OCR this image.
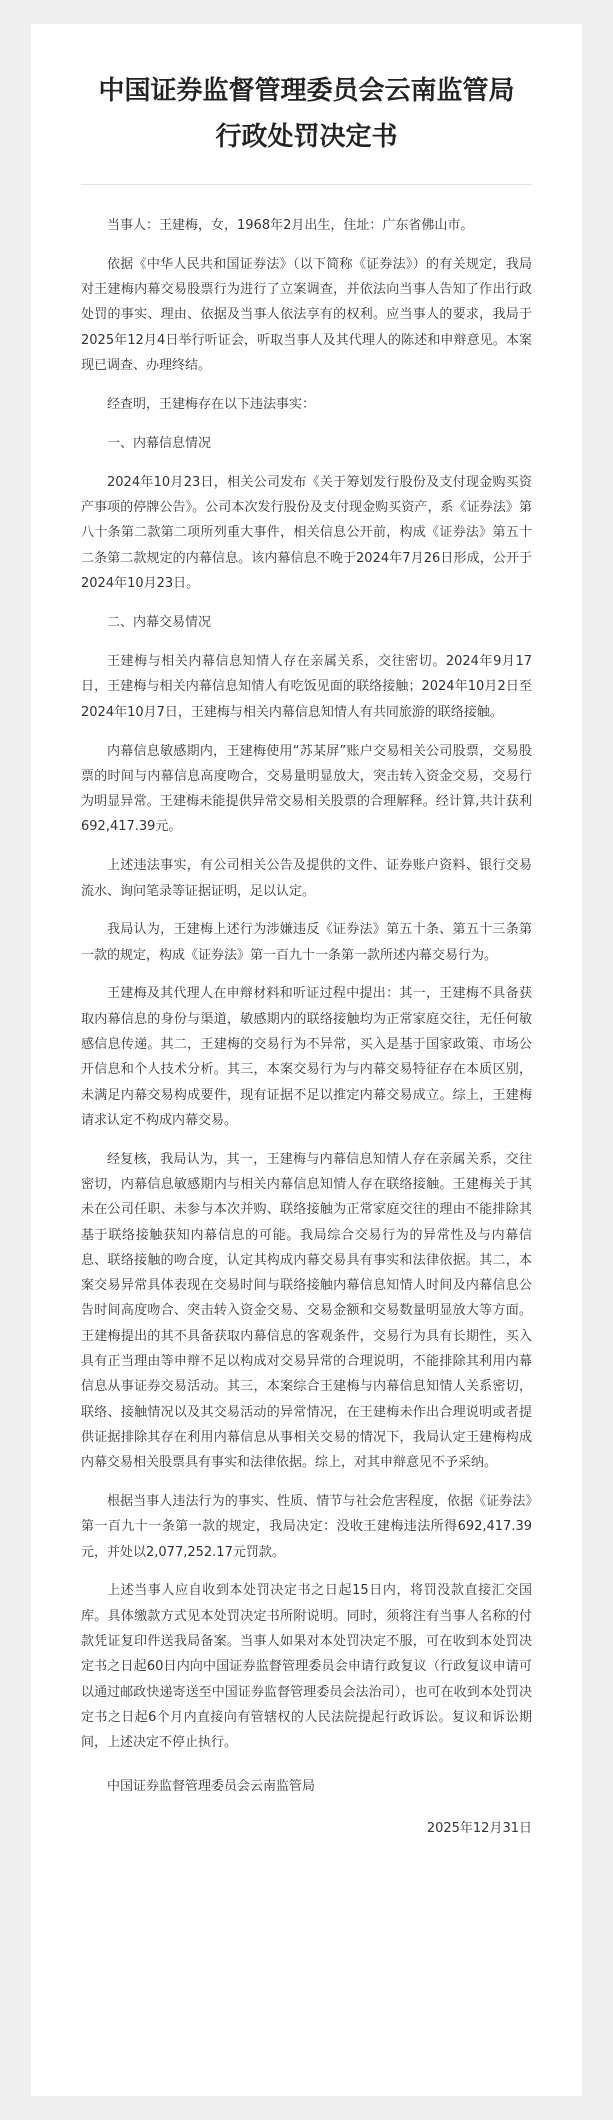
中国证券监督管理委员会云南监管局
行政处罚决定书

当事人：王建梅，女，1968年2月出生，住址：广东省佛山市。

依据《中华人民共和国证券法》（以下简称《证券法》）的有关规定，我局对王建梅内幕交易股票行为进行了立案调查，并依法向当事人告知了作出行政处罚的事实、理由、依据及当事人依法享有的权利。应当事人的要求，我局于2025年12月4日举行听证会，听取当事人及其代理人的陈述和申辩意见。本案现已调查、办理终结。

经查明，王建梅存在以下违法事实：

一、内幕信息情况

2024年10月23日，相关公司发布《关于筹划发行股份及支付现金购买资产事项的停牌公告》。公司本次发行股份及支付现金购买资产，系《证券法》第八十条第二款第二项所列重大事件，相关信息公开前，构成《证券法》第五十二条第二款规定的内幕信息。该内幕信息不晚于2024年7月26日形成，公开于2024年10月23日。

二、内幕交易情况

王建梅与相关内幕信息知情人存在亲属关系，交往密切。2024年9月17日，王建梅与相关内幕信息知情人有吃饭见面的联络接触；2024年10月2日至2024年10月7日，王建梅与相关内幕信息知情人有共同旅游的联络接触。

内幕信息敏感期内，王建梅使用“苏某屏”账户交易相关公司股票，交易股票的时间与内幕信息高度吻合，交易量明显放大，突击转入资金交易，交易行为明显异常。王建梅未能提供异常交易相关股票的合理解释。经计算,共计获利692,417.39元。

上述违法事实，有公司相关公告及提供的文件、证券账户资料、银行交易流水、询问笔录等证据证明，足以认定。

我局认为，王建梅上述行为涉嫌违反《证券法》第五十条、第五十三条第一款的规定，构成《证券法》第一百九十一条第一款所述内幕交易行为。

王建梅及其代理人在申辩材料和听证过程中提出：其一，王建梅不具备获取内幕信息的身份与渠道，敏感期内的联络接触均为正常家庭交往，无任何敏感信息传递。其二，王建梅的交易行为不异常，买入是基于国家政策、市场公开信息和个人技术分析。其三，本案交易行为与内幕交易特征存在本质区别，未满足内幕交易构成要件，现有证据不足以推定内幕交易成立。综上，王建梅请求认定不构成内幕交易。

经复核，我局认为，其一，王建梅与内幕信息知情人存在亲属关系，交往密切，内幕信息敏感期内与相关内幕信息知情人存在联络接触。王建梅关于其未在公司任职、未参与本次并购、联络接触为正常家庭交往的理由不能排除其基于联络接触获知内幕信息的可能。我局综合交易行为的异常性及与内幕信息、联络接触的吻合度，认定其构成内幕交易具有事实和法律依据。其二，本案交易异常具体表现在交易时间与联络接触内幕信息知情人时间及内幕信息公告时间高度吻合、突击转入资金交易、交易金额和交易数量明显放大等方面。王建梅提出的其不具备获取内幕信息的客观条件，交易行为具有长期性，买入具有正当理由等申辩不足以构成对交易异常的合理说明，不能排除其利用内幕信息从事证券交易活动。其三，本案综合王建梅与内幕信息知情人关系密切，联络、接触情况以及其交易活动的异常情况，在王建梅未作出合理说明或者提供证据排除其存在利用内幕信息从事相关交易的情况下，我局认定王建梅构成内幕交易相关股票具有事实和法律依据。综上，对其申辩意见不予采纳。

根据当事人违法行为的事实、性质、情节与社会危害程度，依据《证券法》第一百九十一条第一款的规定，我局决定：没收王建梅违法所得692,417.39元，并处以2,077,252.17元罚款。

上述当事人应自收到本处罚决定书之日起15日内，将罚没款直接汇交国库。具体缴款方式见本处罚决定书所附说明。同时，须将注有当事人名称的付款凭证复印件送我局备案。当事人如果对本处罚决定不服，可在收到本处罚决定书之日起60日内向中国证券监督管理委员会申请行政复议（行政复议申请可以通过邮政快递寄送至中国证券监督管理委员会法治司），也可在收到本处罚决定书之日起6个月内直接向有管辖权的人民法院提起行政诉讼。复议和诉讼期间，上述决定不停止执行。

中国证券监督管理委员会云南监管局

2025年12月31日
